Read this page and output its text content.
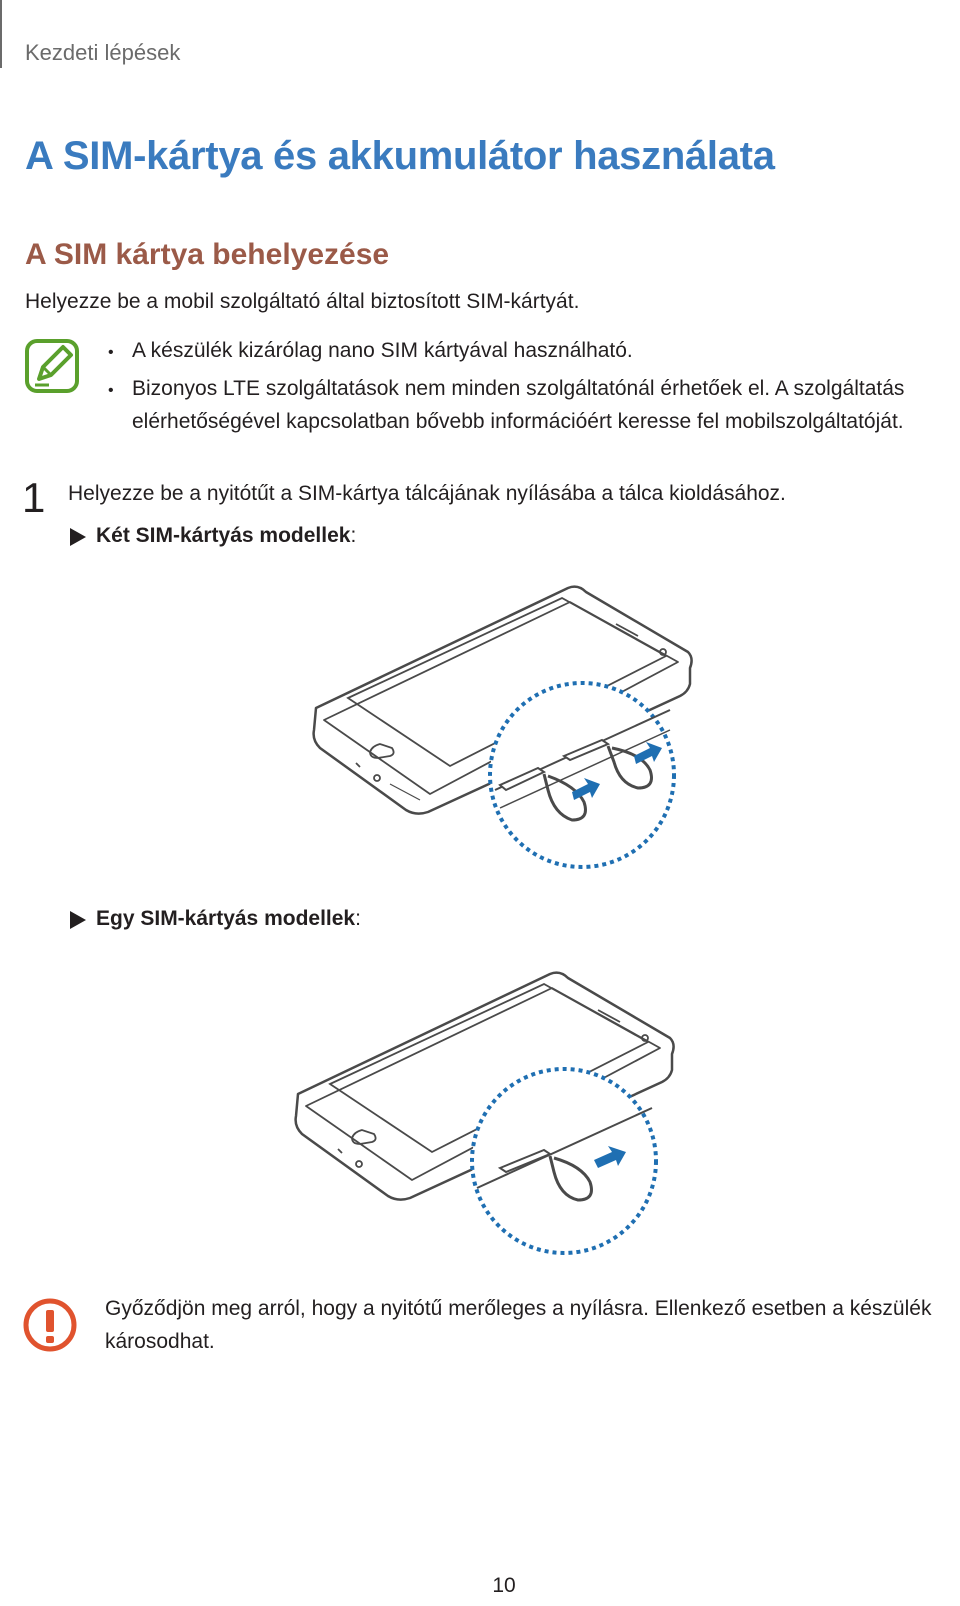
Kezdeti lépések
A SIM-kártya és akkumulátor használata
A SIM kártya behelyezése
Helyezze be a mobil szolgáltató által biztosított SIM-kártyát.
• A készülék kizárólag nano SIM kártyával használható.
• Bizonyos LTE szolgáltatások nem minden szolgáltatónál érhetőek el. A szolgáltatás
elérhetőségével kapcsolatban bővebb információért keresse fel mobilszolgáltatóját.
1 Helyezze be a nyitótűt a SIM-kártya tálcájának nyílásába a tálca kioldásához.
Két SIM-kártyás modellek:
Egy SIM-kártyás modellek:
Győződjön meg arról, hogy a nyitótű merőleges a nyílásra. Ellenkező esetben a készülék
károsodhat.
10
